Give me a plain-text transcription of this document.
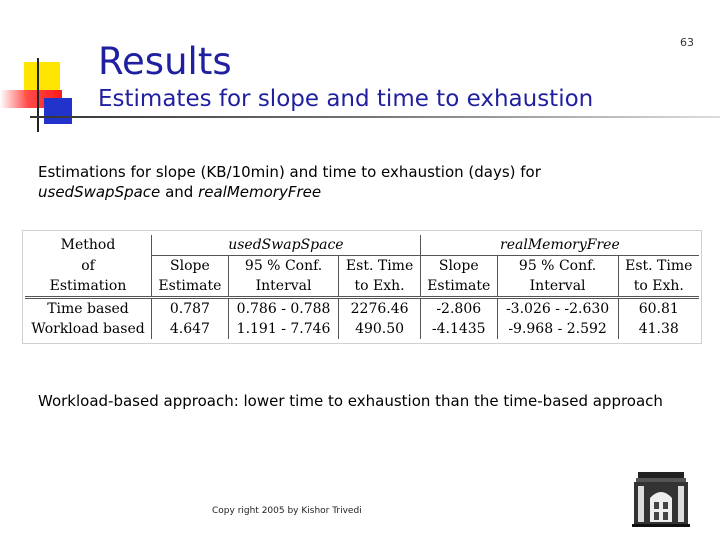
63
Results
Estimates for slope and time to exhaustion
Estimations for slope (KB/10min) and time to exhaustion (days) for
usedSwapSpace and realMemoryFree
Method	usedSwapSpace			realMemoryFree		
of	Slope	95 % Conf.	Est. Time	Slope	95 % Conf.	Est. Time
Estimation	Estimate	Interval	to Exh.	Estimate	Interval	to Exh.
Time based	0.787	0.786 - 0.788	2276.46	-2.806	-3.026 - -2.630	60.81
Workload based	4.647	1.191 - 7.746	490.50	-4.1435	-9.968 - 2.592	41.38
Workload-based approach: lower time to exhaustion than the time-based approach
Copy right 2005 by Kishor Trivedi
